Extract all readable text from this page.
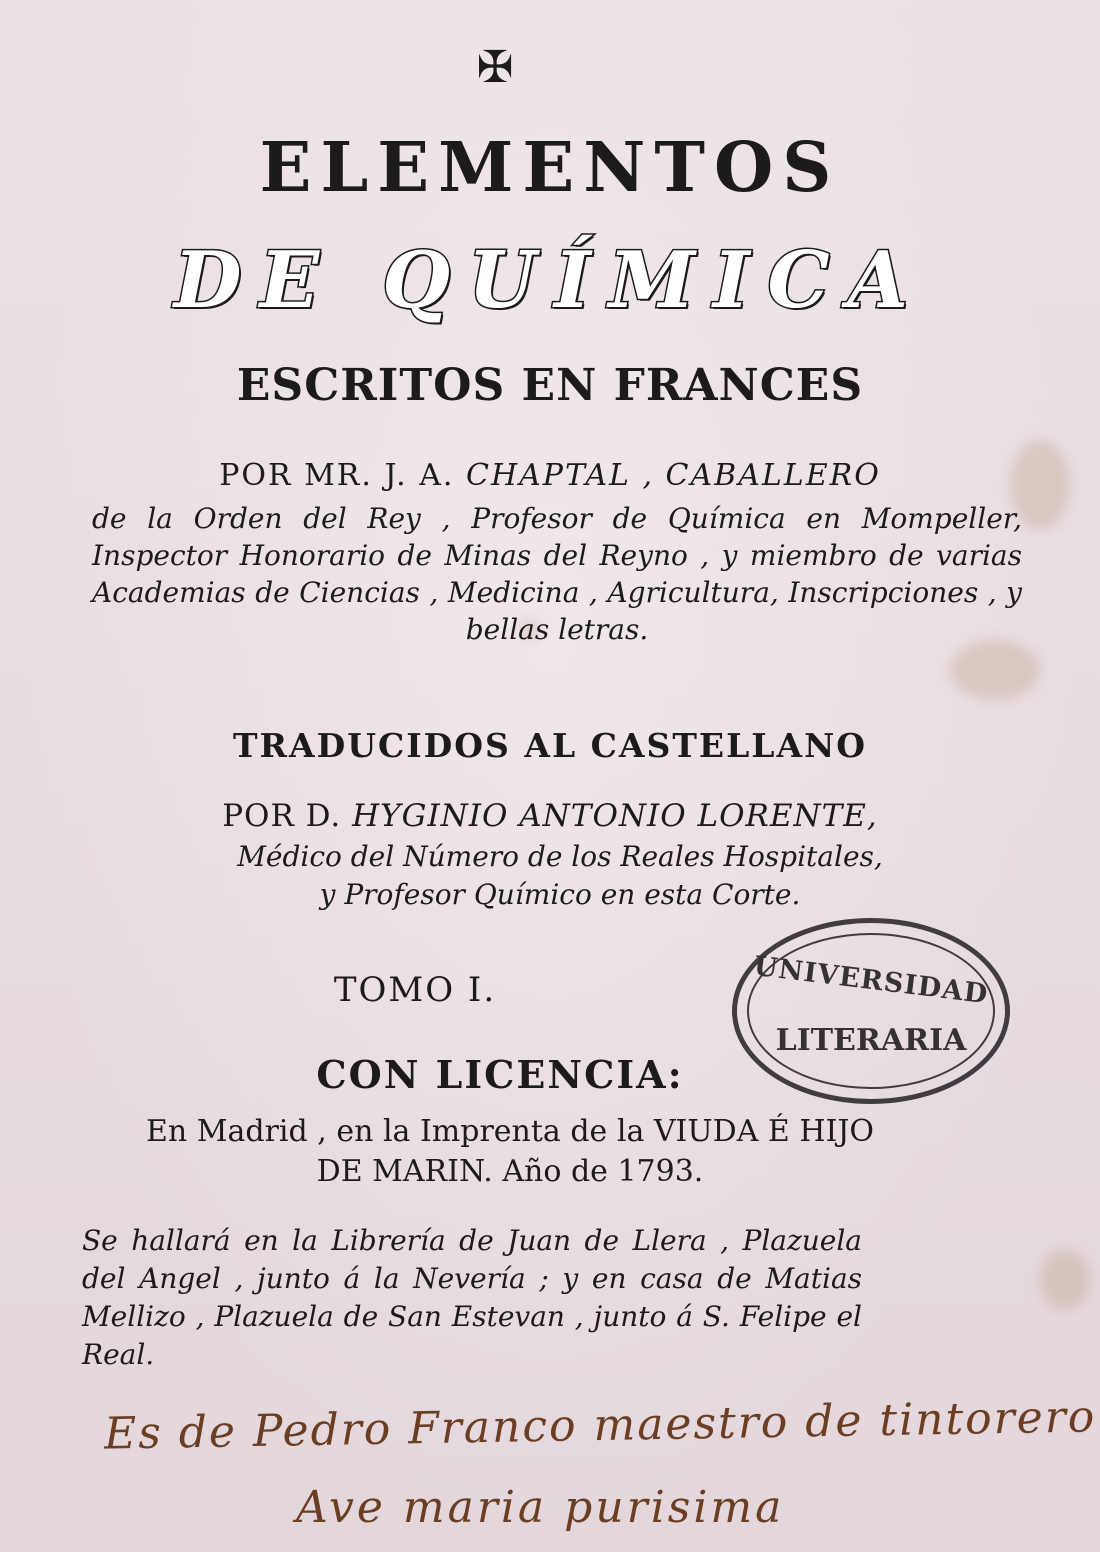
✠
ELEMENTOS
DE QUÍMICA
ESCRITOS EN FRANCES
POR MR. J. A. CHAPTAL , CABALLERO
de la Orden del Rey , Profesor de Química en Mompeller, Inspector Honorario de Minas del Reyno , y miembro de varias Academias de Ciencias , Medicina , Agricultura, Inscripciones , y bellas letras.
TRADUCIDOS AL CASTELLANO
POR D. HYGINIO ANTONIO LORENTE,
Médico del Número de los Reales Hospitales,
y Profesor Químico en esta Corte.
TOMO I.	UNIVERSIDAD
LITERARIA
CON LICENCIA:
En Madrid , en la Imprenta de la VIUDA É HIJO
DE MARIN. Año de 1793.
Se hallará en la Librería de Juan de Llera , Plazuela del Angel , junto á la Nevería ; y en casa de Matias Mellizo , Plazuela de San Estevan , junto á S. Felipe el Real.
Es de Pedro Franco maestro de tintorero
Ave maria purisima
